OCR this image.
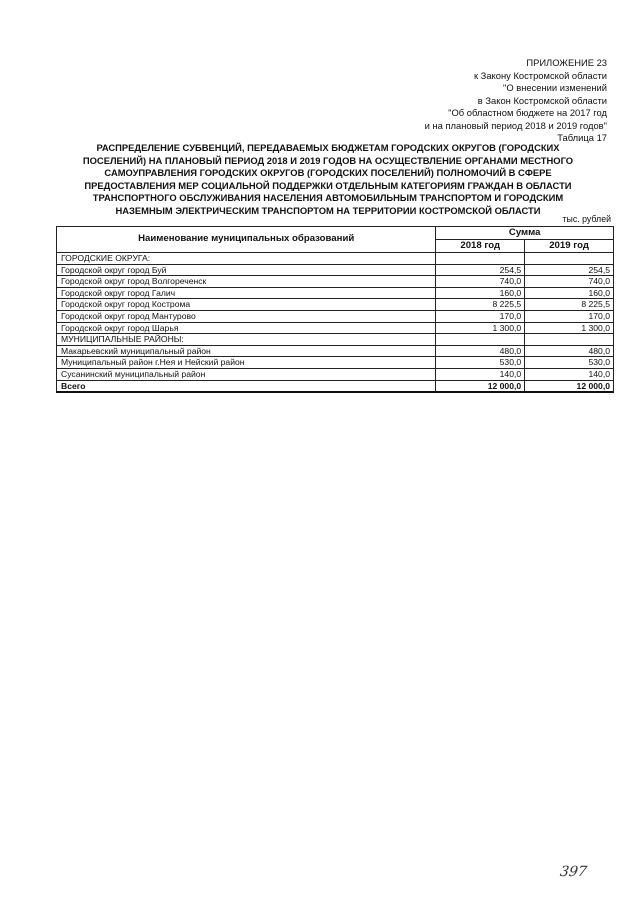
ПРИЛОЖЕНИЕ 23
к Закону Костромской области
"О внесении изменений
в Закон Костромской области
"Об областном бюджете на 2017 год
и на плановый период 2018 и 2019 годов"
Таблица 17
РАСПРЕДЕЛЕНИЕ СУБВЕНЦИЙ, ПЕРЕДАВАЕМЫХ БЮДЖЕТАМ ГОРОДСКИХ ОКРУГОВ (ГОРОДСКИХ
ПОСЕЛЕНИЙ) НА ПЛАНОВЫЙ ПЕРИОД 2018 И 2019 ГОДОВ НА ОСУЩЕСТВЛЕНИЕ ОРГАНАМИ МЕСТНОГО
САМОУПРАВЛЕНИЯ ГОРОДСКИХ ОКРУГОВ (ГОРОДСКИХ ПОСЕЛЕНИЙ) ПОЛНОМОЧИЙ В СФЕРЕ
ПРЕДОСТАВЛЕНИЯ МЕР СОЦИАЛЬНОЙ ПОДДЕРЖКИ ОТДЕЛЬНЫМ КАТЕГОРИЯМ ГРАЖДАН В ОБЛАСТИ
ТРАНСПОРТНОГО ОБСЛУЖИВАНИЯ НАСЕЛЕНИЯ АВТОМОБИЛЬНЫМ ТРАНСПОРТОМ И ГОРОДСКИМ
НАЗЕМНЫМ ЭЛЕКТРИЧЕСКИМ ТРАНСПОРТОМ НА ТЕРРИТОРИИ КОСТРОМСКОЙ ОБЛАСТИ
тыс. рублей
Наименование муниципальных образований	Сумма	
	2018 год	2019 год
ГОРОДСКИЕ ОКРУГА:		
Городской округ город Буй	254,5	254,5
Городской округ город Волгореченск	740,0	740,0
Городской округ город Галич	160,0	160,0
Городской округ город Кострома	8 225,5	8 225,5
Городской округ город Мантурово	170,0	170,0
Городской округ город Шарья	1 300,0	1 300,0
МУНИЦИПАЛЬНЫЕ РАЙОНЫ:		
Макарьевский муниципальный район	480,0	480,0
Муниципальный район г.Нея и Нейский район	530,0	530,0
Сусанинский муниципальный район	140,0	140,0
Всего	12 000,0	12 000,0
397
